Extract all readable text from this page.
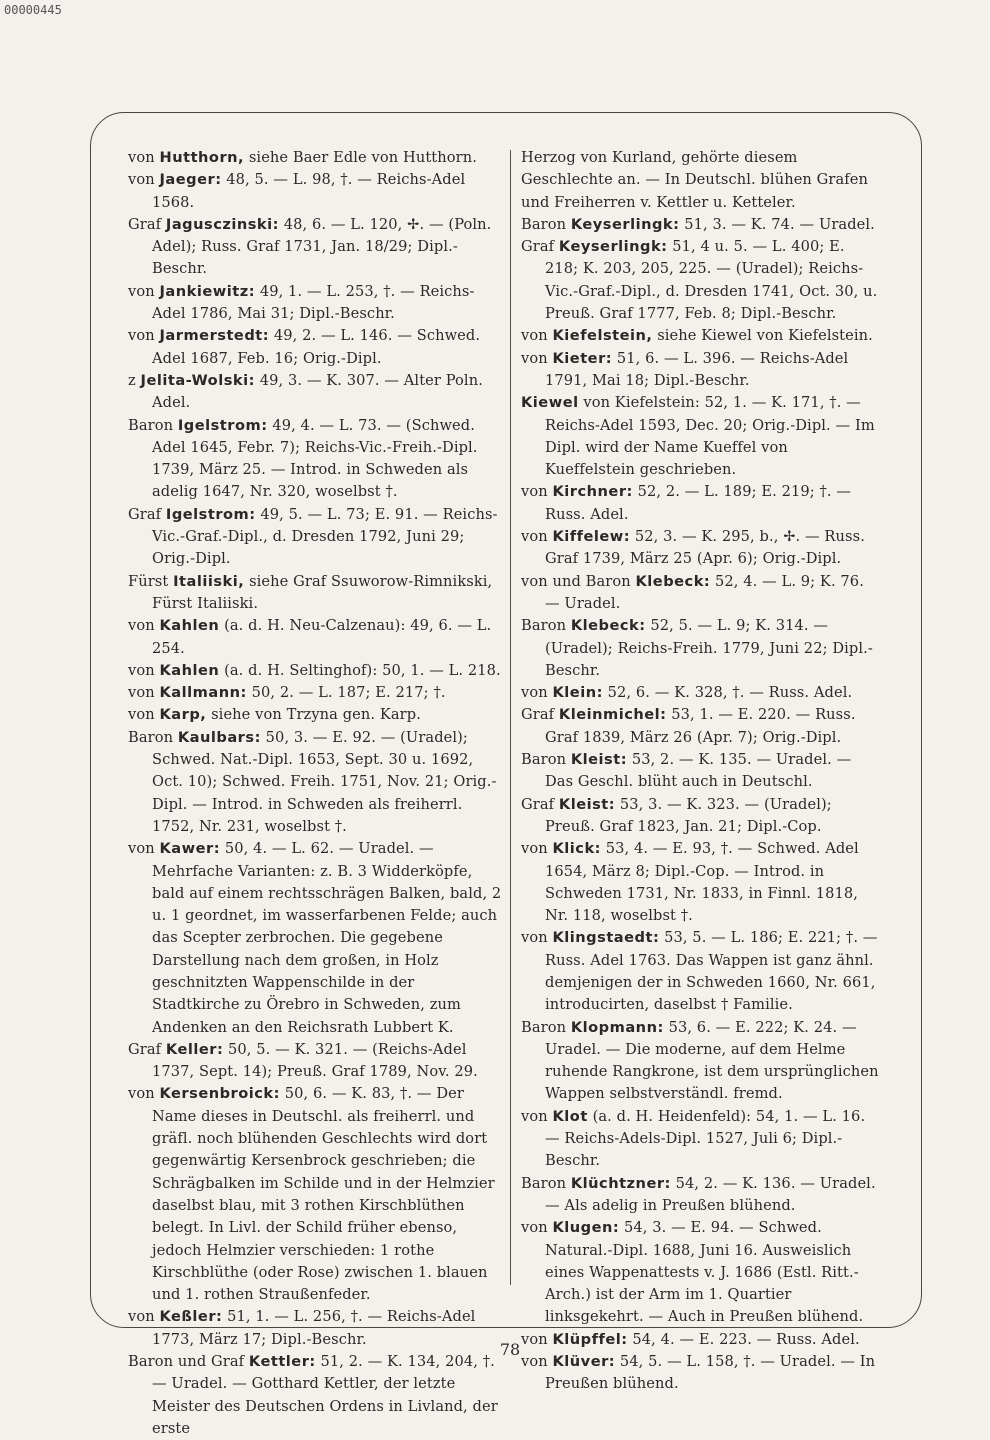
00000445

von Hutthorn, siehe Baer Edle von Hutthorn.

von Jaeger: 48, 5. — L. 98, †. — Reichs-Adel 1568.

Graf Jagusczinski: 48, 6. — L. 120, ✢. — (Poln. Adel); Russ. Graf 1731, Jan. 18/29; Dipl.-Beschr.

von Jankiewitz: 49, 1. — L. 253, †. — Reichs-Adel 1786, Mai 31; Dipl.-Beschr.

von Jarmerstedt: 49, 2. — L. 146. — Schwed. Adel 1687, Feb. 16; Orig.-Dipl.

z Jelita-Wolski: 49, 3. — K. 307. — Alter Poln. Adel.

Baron Igelstrom: 49, 4. — L. 73. — (Schwed. Adel 1645, Febr. 7); Reichs-Vic.-Freih.-Dipl. 1739, März 25. — Introd. in Schweden als adelig 1647, Nr. 320, woselbst †.

Graf Igelstrom: 49, 5. — L. 73; E. 91. — Reichs-Vic.-Graf.-Dipl., d. Dresden 1792, Juni 29; Orig.-Dipl.

Fürst Italiiski, siehe Graf Ssuworow-Rimnikski, Fürst Italiiski.

von Kahlen (a. d. H. Neu-Calzenau): 49, 6. — L. 254.

von Kahlen (a. d. H. Seltinghof): 50, 1. — L. 218.

von Kallmann: 50, 2. — L. 187; E. 217; †.

von Karp, siehe von Trzyna gen. Karp.

Baron Kaulbars: 50, 3. — E. 92. — (Uradel); Schwed. Nat.-Dipl. 1653, Sept. 30 u. 1692, Oct. 10); Schwed. Freih. 1751, Nov. 21; Orig.-Dipl. — Introd. in Schweden als freiherrl. 1752, Nr. 231, woselbst †.

von Kawer: 50, 4. — L. 62. — Uradel. — Mehrfache Varianten: z. B. 3 Widderköpfe, bald auf einem rechtsschrägen Balken, bald, 2 u. 1 geordnet, im wasserfarbenen Felde; auch das Scepter zerbrochen. Die gegebene Darstellung nach dem großen, in Holz geschnitzten Wappenschilde in der Stadtkirche zu Örebro in Schweden, zum Andenken an den Reichsrath Lubbert K.

Graf Keller: 50, 5. — K. 321. — (Reichs-Adel 1737, Sept. 14); Preuß. Graf 1789, Nov. 29.

von Kersenbroick: 50, 6. — K. 83, †. — Der Name dieses in Deutschl. als freiherrl. und gräfl. noch blühenden Geschlechts wird dort gegenwärtig Kersenbrock geschrieben; die Schrägbalken im Schilde und in der Helmzier daselbst blau, mit 3 rothen Kirschblüthen belegt. In Livl. der Schild früher ebenso, jedoch Helmzier verschieden: 1 rothe Kirschblüthe (oder Rose) zwischen 1. blauen und 1. rothen Straußenfeder.

von Keßler: 51, 1. — L. 256, †. — Reichs-Adel 1773, März 17; Dipl.-Beschr.

Baron und Graf Kettler: 51, 2. — K. 134, 204, †. — Uradel. — Gotthard Kettler, der letzte Meister des Deutschen Ordens in Livland, der erste

Herzog von Kurland, gehörte diesem Geschlechte an. — In Deutschl. blühen Grafen und Freiherren v. Kettler u. Ketteler.

Baron Keyserlingk: 51, 3. — K. 74. — Uradel.

Graf Keyserlingk: 51, 4 u. 5. — L. 400; E. 218; K. 203, 205, 225. — (Uradel); Reichs-Vic.-Graf.-Dipl., d. Dresden 1741, Oct. 30, u. Preuß. Graf 1777, Feb. 8; Dipl.-Beschr.

von Kiefelstein, siehe Kiewel von Kiefelstein.

von Kieter: 51, 6. — L. 396. — Reichs-Adel 1791, Mai 18; Dipl.-Beschr.

Kiewel von Kiefelstein: 52, 1. — K. 171, †. — Reichs-Adel 1593, Dec. 20; Orig.-Dipl. — Im Dipl. wird der Name Kueffel von Kueffelstein geschrieben.

von Kirchner: 52, 2. — L. 189; E. 219; †. — Russ. Adel.

von Kiffelew: 52, 3. — K. 295, b., ✢. — Russ. Graf 1739, März 25 (Apr. 6); Orig.-Dipl.

von und Baron Klebeck: 52, 4. — L. 9; K. 76. — Uradel.

Baron Klebeck: 52, 5. — L. 9; K. 314. — (Uradel); Reichs-Freih. 1779, Juni 22; Dipl.-Beschr.

von Klein: 52, 6. — K. 328, †. — Russ. Adel.

Graf Kleinmichel: 53, 1. — E. 220. — Russ. Graf 1839, März 26 (Apr. 7); Orig.-Dipl.

Baron Kleist: 53, 2. — K. 135. — Uradel. — Das Geschl. blüht auch in Deutschl.

Graf Kleist: 53, 3. — K. 323. — (Uradel); Preuß. Graf 1823, Jan. 21; Dipl.-Cop.

von Klick: 53, 4. — E. 93, †. — Schwed. Adel 1654, März 8; Dipl.-Cop. — Introd. in Schweden 1731, Nr. 1833, in Finnl. 1818, Nr. 118, woselbst †.

von Klingstaedt: 53, 5. — L. 186; E. 221; †. — Russ. Adel 1763. Das Wappen ist ganz ähnl. demjenigen der in Schweden 1660, Nr. 661, introducirten, daselbst † Familie.

Baron Klopmann: 53, 6. — E. 222; K. 24. — Uradel. — Die moderne, auf dem Helme ruhende Rangkrone, ist dem ursprünglichen Wappen selbstverständl. fremd.

von Klot (a. d. H. Heidenfeld): 54, 1. — L. 16. — Reichs-Adels-Dipl. 1527, Juli 6; Dipl.-Beschr.

Baron Klüchtzner: 54, 2. — K. 136. — Uradel. — Als adelig in Preußen blühend.

von Klugen: 54, 3. — E. 94. — Schwed. Natural.-Dipl. 1688, Juni 16. Ausweislich eines Wappenattests v. J. 1686 (Estl. Ritt.-Arch.) ist der Arm im 1. Quartier linksgekehrt. — Auch in Preußen blühend.

von Klüpffel: 54, 4. — E. 223. — Russ. Adel.

von Klüver: 54, 5. — L. 158, †. — Uradel. — In Preußen blühend.

78
